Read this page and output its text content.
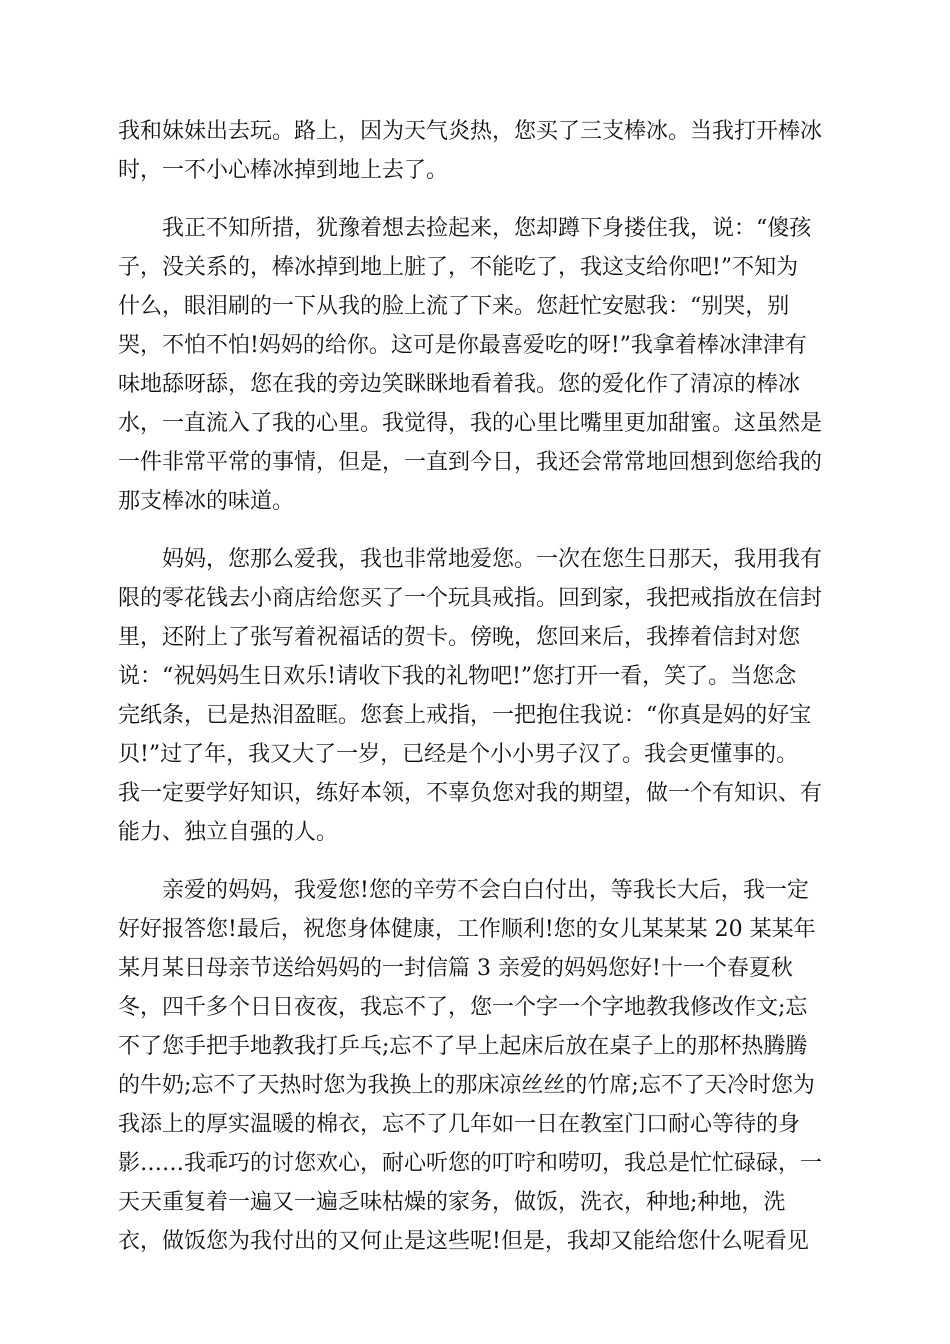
我和妹妹出去玩。路上，因为天气炎热，您买了三支棒冰。当我打开棒冰
时，一不小心棒冰掉到地上去了。
　　我正不知所措，犹豫着想去捡起来，您却蹲下身搂住我，说：“傻孩
子，没关系的，棒冰掉到地上脏了，不能吃了，我这支给你吧!”不知为
什么，眼泪刷的一下从我的脸上流了下来。您赶忙安慰我：“别哭，别
哭，不怕不怕!妈妈的给你。这可是你最喜爱吃的呀!”我拿着棒冰津津有
味地舔呀舔，您在我的旁边笑眯眯地看着我。您的爱化作了清凉的棒冰
水，一直流入了我的心里。我觉得，我的心里比嘴里更加甜蜜。这虽然是
一件非常平常的事情，但是，一直到今日，我还会常常地回想到您给我的
那支棒冰的味道。
　　妈妈，您那么爱我，我也非常地爱您。一次在您生日那天，我用我有
限的零花钱去小商店给您买了一个玩具戒指。回到家，我把戒指放在信封
里，还附上了张写着祝福话的贺卡。傍晚，您回来后，我捧着信封对您
说：“祝妈妈生日欢乐!请收下我的礼物吧!”您打开一看，笑了。当您念
完纸条，已是热泪盈眶。您套上戒指，一把抱住我说：“你真是妈的好宝
贝!”过了年，我又大了一岁，已经是个小小男子汉了。我会更懂事的。
我一定要学好知识，练好本领，不辜负您对我的期望，做一个有知识、有
能力、独立自强的人。
　　亲爱的妈妈，我爱您!您的辛劳不会白白付出，等我长大后，我一定
好好报答您!最后，祝您身体健康，工作顺利!您的女儿某某某 20 某某年
某月某日母亲节送给妈妈的一封信篇 3 亲爱的妈妈您好!十一个春夏秋
冬，四千多个日日夜夜，我忘不了，您一个字一个字地教我修改作文;忘
不了您手把手地教我打乒乓;忘不了早上起床后放在桌子上的那杯热腾腾
的牛奶;忘不了天热时您为我换上的那床凉丝丝的竹席;忘不了天冷时您为
我添上的厚实温暖的棉衣，忘不了几年如一日在教室门口耐心等待的身
影……我乖巧的讨您欢心，耐心听您的叮咛和唠叨，我总是忙忙碌碌，一
天天重复着一遍又一遍乏味枯燥的家务，做饭，洗衣，种地;种地，洗
衣，做饭您为我付出的又何止是这些呢!但是，我却又能给您什么呢看见
